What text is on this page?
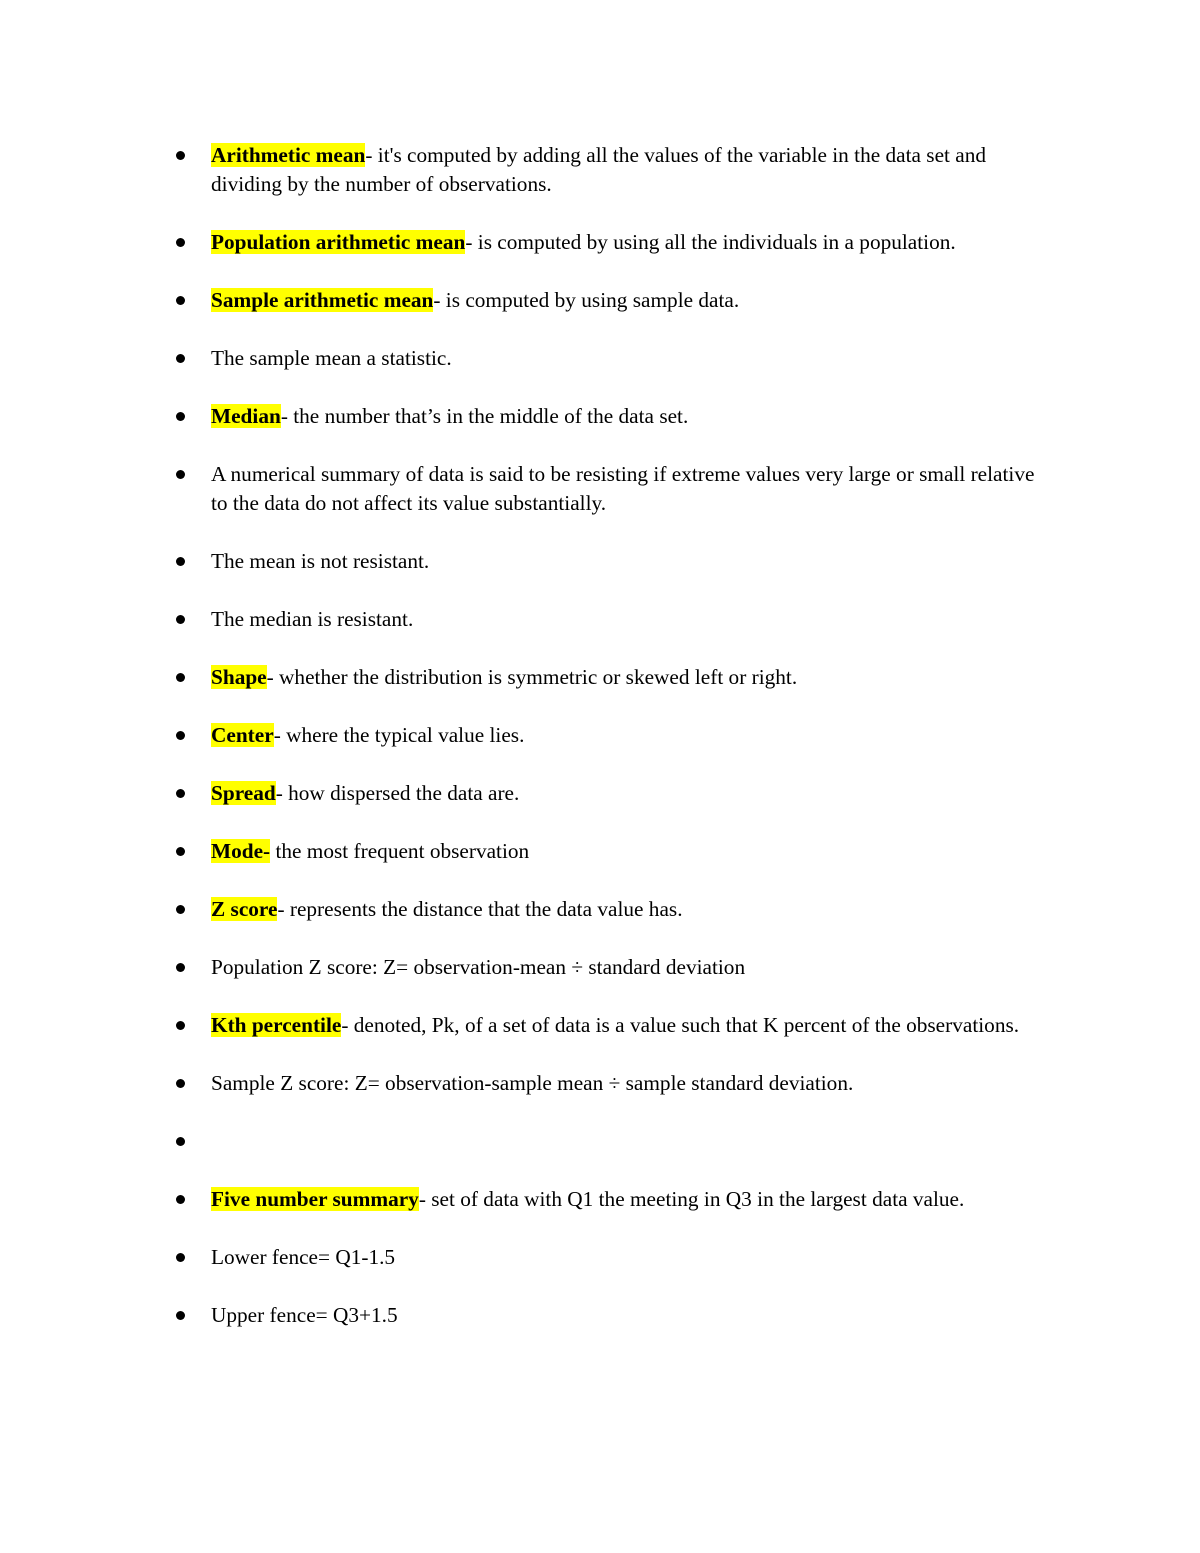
Arithmetic mean- it's computed by adding all the values of the variable in the data set and dividing by the number of observations.
Population arithmetic mean- is computed by using all the individuals in a population.
Sample arithmetic mean- is computed by using sample data.
The sample mean a statistic.
Median- the number that’s in the middle of the data set.
A numerical summary of data is said to be resisting if extreme values very large or small relative to the data do not affect its value substantially.
The mean is not resistant.
The median is resistant.
Shape- whether the distribution is symmetric or skewed left or right.
Center- where the typical value lies.
Spread- how dispersed the data are.
Mode- the most frequent observation
Z score- represents the distance that the data value has.
Population Z score: Z= observation-mean ÷ standard deviation
Kth percentile- denoted, Pk, of a set of data is a value such that K percent of the observations.
Sample Z score: Z= observation-sample mean ÷ sample standard deviation.
Five number summary- set of data with Q1 the meeting in Q3 in the largest data value.
Lower fence= Q1-1.5
Upper fence= Q3+1.5
